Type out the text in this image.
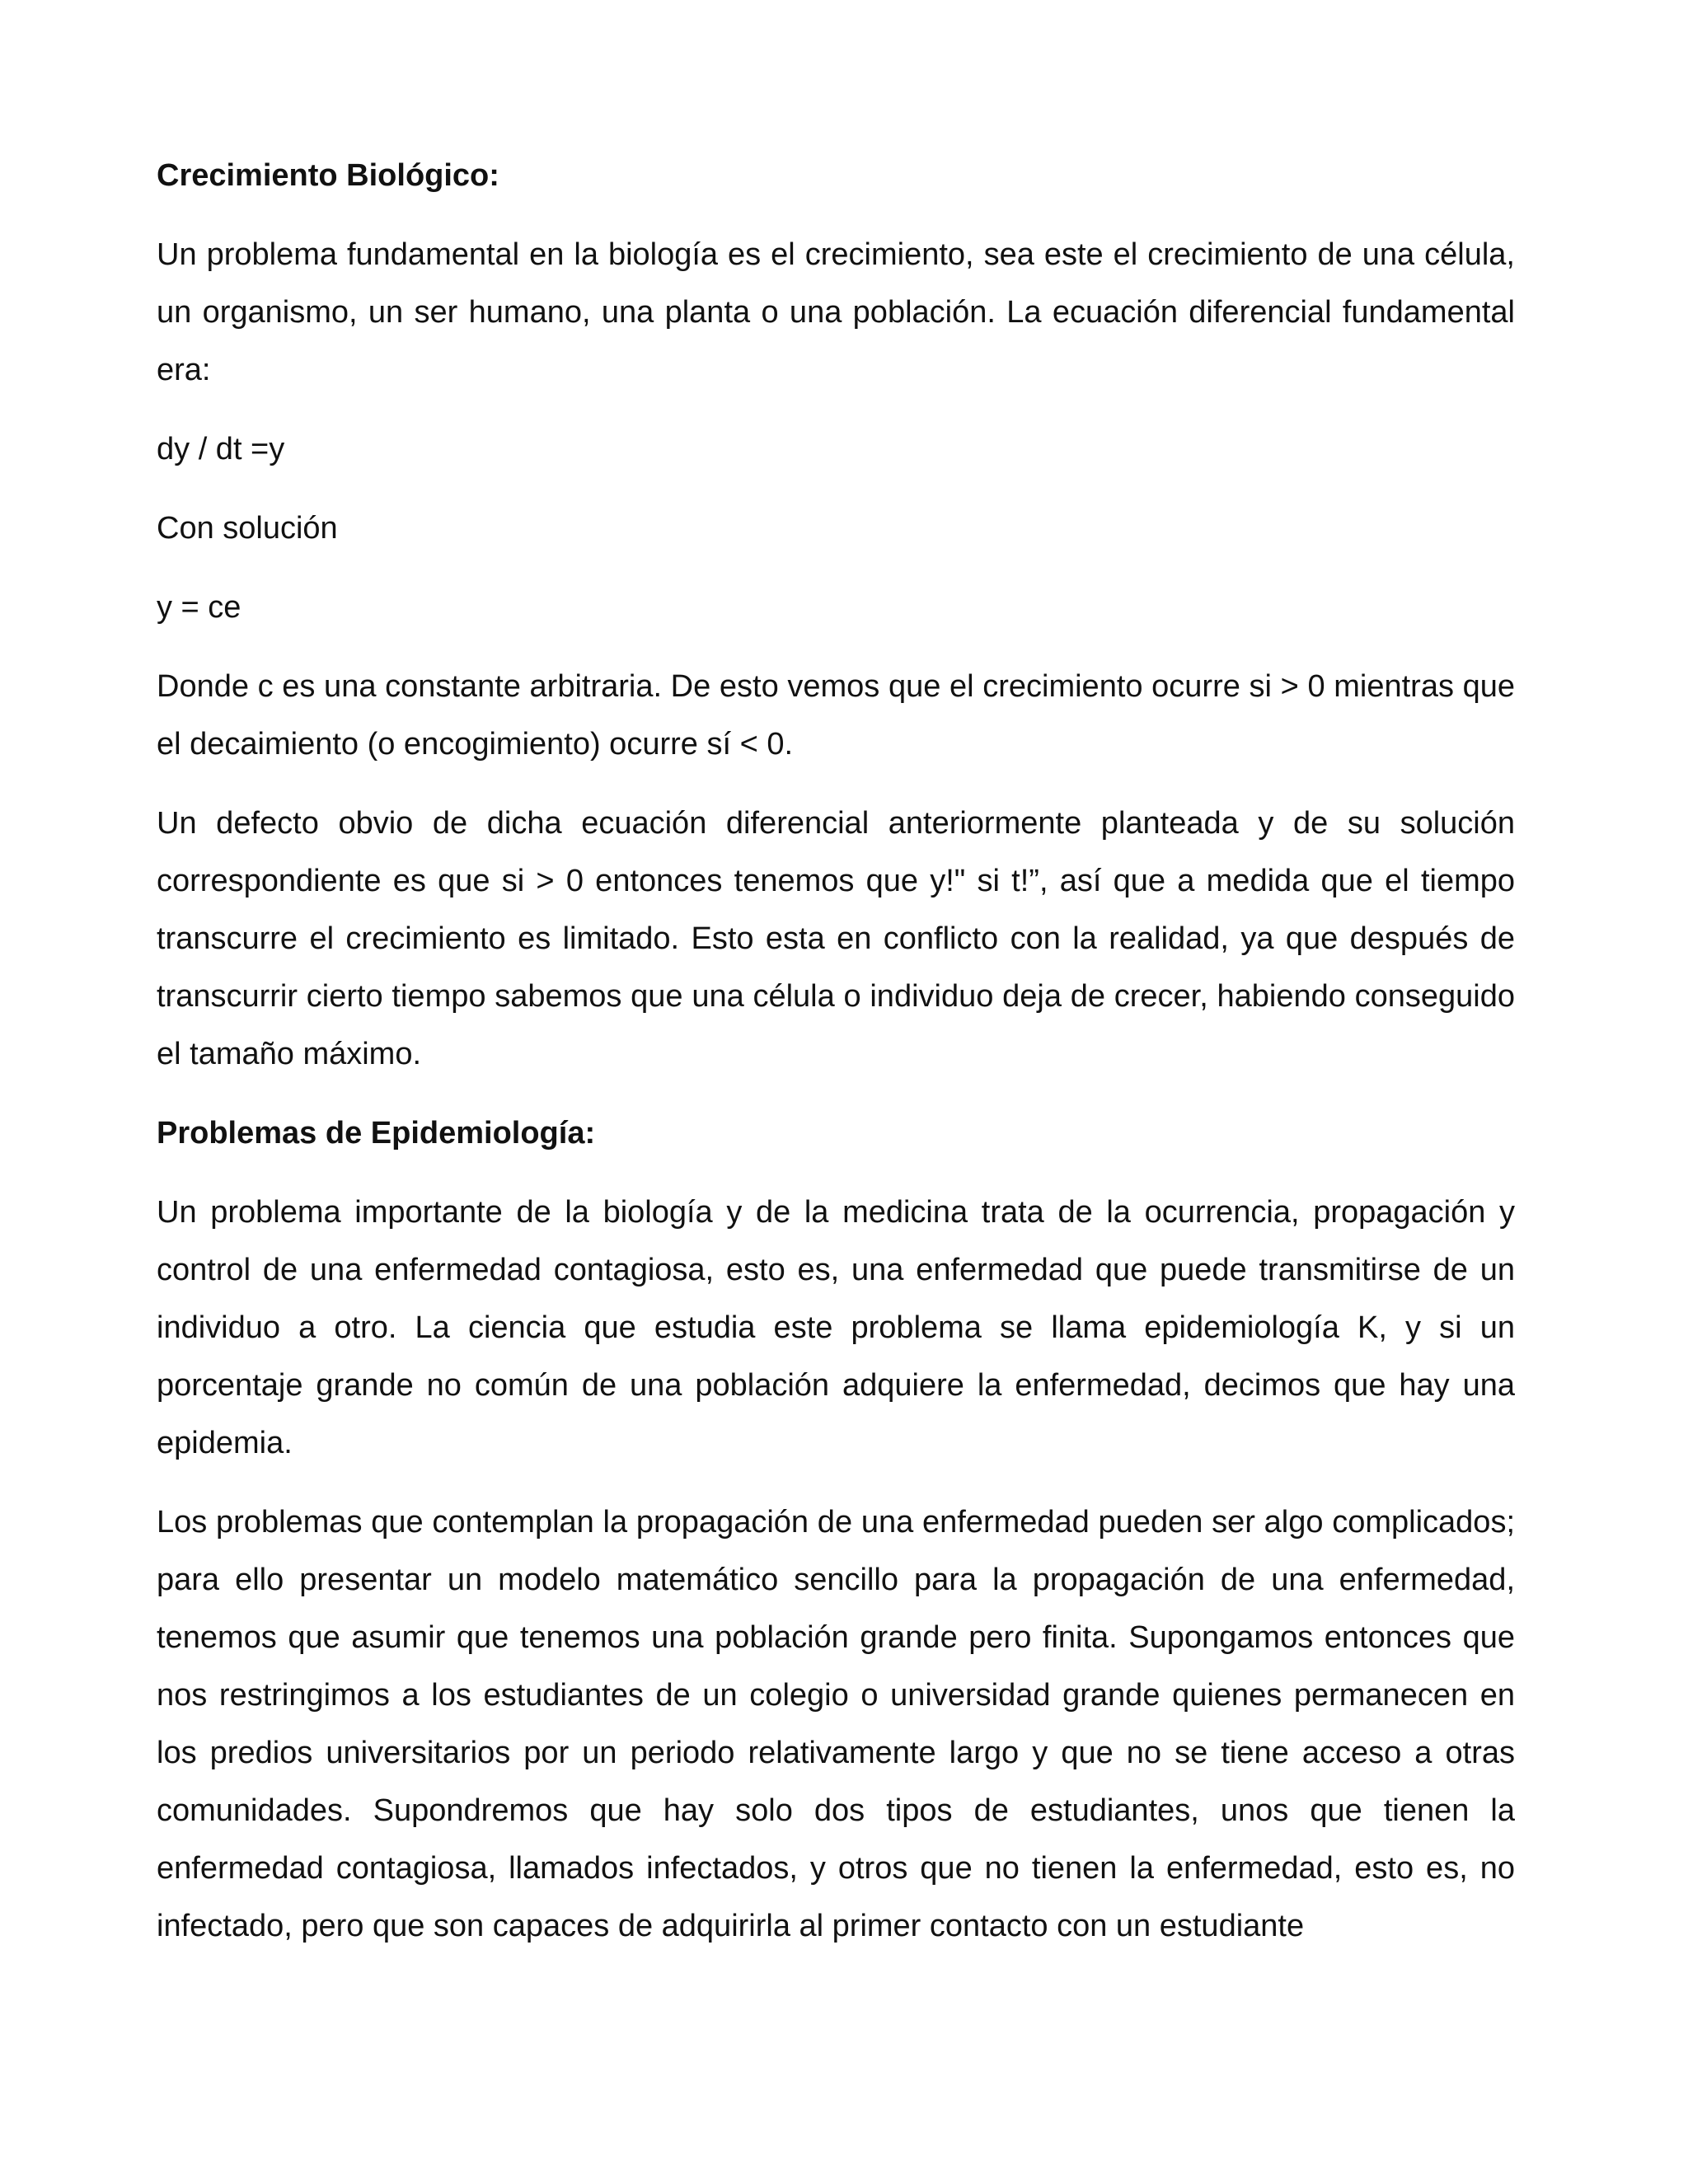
Crecimiento Biológico:

Un problema fundamental en la biología es el crecimiento, sea este el crecimiento de una célula, un organismo, un ser humano, una planta o una población. La ecuación diferencial fundamental era:

dy / dt =y
Con solución
y = ce

Donde c es una constante arbitraria. De esto vemos que el crecimiento ocurre si > 0 mientras que el decaimiento (o encogimiento) ocurre sí < 0.

Un defecto obvio de dicha ecuación diferencial anteriormente planteada y de su solución correspondiente es que si > 0 entonces tenemos que y!" si t!”, así que a medida que el tiempo transcurre el crecimiento es limitado. Esto esta en conflicto con la realidad, ya que después de transcurrir cierto tiempo sabemos que una célula o individuo deja de crecer, habiendo conseguido el tamaño máximo.

Problemas de Epidemiología:

Un problema importante de la biología y de la medicina trata de la ocurrencia, propagación y control de una enfermedad contagiosa, esto es, una enfermedad que puede transmitirse de un individuo a otro. La ciencia que estudia este problema se llama epidemiología K, y si un porcentaje grande no común de una población adquiere la enfermedad, decimos que hay una epidemia.

Los problemas que contemplan la propagación de una enfermedad pueden ser algo complicados; para ello presentar un modelo matemático sencillo para la propagación de una enfermedad, tenemos que asumir que tenemos una población grande pero finita. Supongamos entonces que nos restringimos a los estudiantes de un colegio o universidad grande quienes permanecen en los predios universitarios por un periodo relativamente largo y que no se tiene acceso a otras comunidades. Supondremos que hay solo dos tipos de estudiantes, unos que tienen la enfermedad contagiosa, llamados infectados, y otros que no tienen la enfermedad, esto es, no infectado, pero que son capaces de adquirirla al primer contacto con un estudiante
